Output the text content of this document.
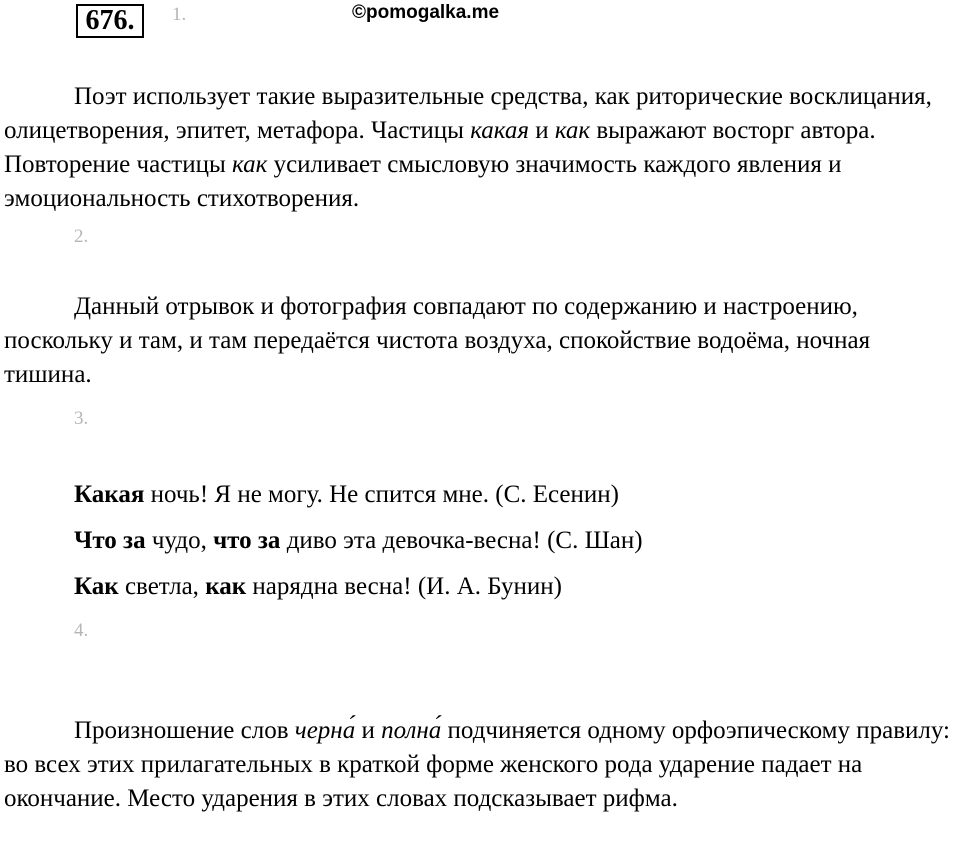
676.	©pomogalka.me
1.

Поэт использует такие выразительные средства, как риторические восклицания, олицетворения, эпитет, метафора. Частицы какая и как выражают восторг автора. Повторение частицы как усиливает смысловую значимость каждого явления и эмоциональность стихотворения.

2.

Данный отрывок и фотография совпадают по содержанию и настроению, поскольку и там, и там передаётся чистота воздуха, спокойствие водоёма, ночная тишина.

3.

Какая ночь! Я не могу. Не спится мне. (С. Есенин)

Что за чудо, что за диво эта девочка-весна! (С. Шан)

Как светла, как нарядна весна! (И. А. Бунин)

4.

Произношение слов черна́ и полна́ подчиняется одному орфоэпическому правилу: во всех этих прилагательных в краткой форме женского рода ударение падает на окончание. Место ударения в этих словах подсказывает рифма.
